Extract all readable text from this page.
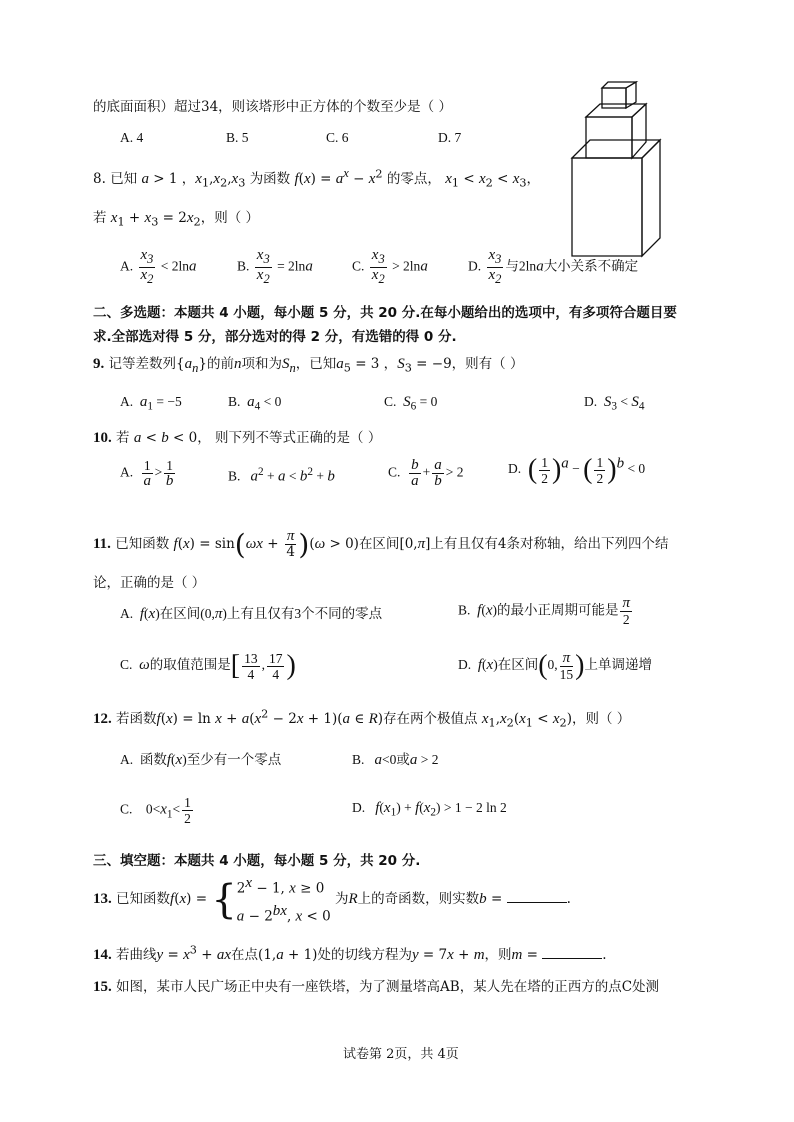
的底面面积）超过34，则该塔形中正方体的个数至少是（ ）
A. 4	B. 5	C. 6	D. 7
8. 已知 a > 1 ，$x_1,x_2,x_3$ 为函数 $f(x) = a^x - x^2$ 的零点， $x_1 < x_2 < x_3$，
若 $x_1 + x_3 = 2x_2$，则（ ）
A. $\frac{x_3}{x_2} < 2\ln a$	B. $\frac{x_3}{x_2} = 2\ln a$	C. $\frac{x_3}{x_2} > 2\ln a$	D. $\frac{x_3}{x_2}$ 与2lna大小关系不确定
二、多选题：本题共 4 小题，每小题 5 分，共 20 分.在每小题给出的选项中，有多项符合题目要
求.全部选对得 5 分，部分选对的得 2 分，有选错的得 0 分.
9. 记等差数列$\{a_n\}$的前n项和为$S_n$，已知$a_5 = 3$ ，$S_3 = -9$，则有（ ）
A.  $a_1 = -5$	B.  $a_4 < 0$	C.  $S_6 = 0$	D.  $S_3 < S_4$
10. 若 a < b < 0， 则下列不等式正确的是（ ）
A. $\frac{1}{a} > \frac{1}{b}$	B.   $a^2 + a < b^2 + b$	C. $\frac{b}{a} + \frac{a}{b} > 2$	D.  ( $\frac{1}{2} )^a$ − ( $\frac{1}{2} )^b < 0$
11. 已知函数 $f(x) = \sin(\omega x + \frac{\pi}{4} )(\omega > 0)$在区间[0,π]上有且仅有4条对称轴，给出下列四个结
论，正确的是（ ）
A.  f(x)在区间(0,π)上有且仅有3个不同的零点	B.  f(x)的最小正周期可能是 $\frac{\pi}{2}$
C.  ω的取值范围是[ $\frac{13}{4}$ , $\frac{17}{4}$ )	D.  f(x)在区间(0, $\frac{\pi}{15}$ )上单调递增
12. 若函数$f(x) = \ln x + a(x^2 - 2x + 1)(a$ ∈ R)存在两个极值点 $x_1,x_2(x_1 < x_2)$，则（ ）
A.  函数f(x)至少有一个零点	B.   a<0或a > 2
C.    $0<x_1< \frac{1}{2}$	D.   $f(x_1) + f(x_2) > 1 - 2$ ln 2
三、填空题：本题共 4 小题，每小题 5 分，共 20 分.
13. 已知函数$f(x) = \{2^x - 1$, x ≥ 0
$a - 2^{bx}$, x < 0 为R上的奇函数，则实数b =	.
14. 若曲线$y = x^3$ + ax在点(1,a + 1)处的切线方程为y = 7x + m，则m =	.
15. 如图，某市人民广场正中央有一座铁塔，为了测量塔高AB，某人先在塔的正西方的点C处测
试卷第 2页，共 4页
